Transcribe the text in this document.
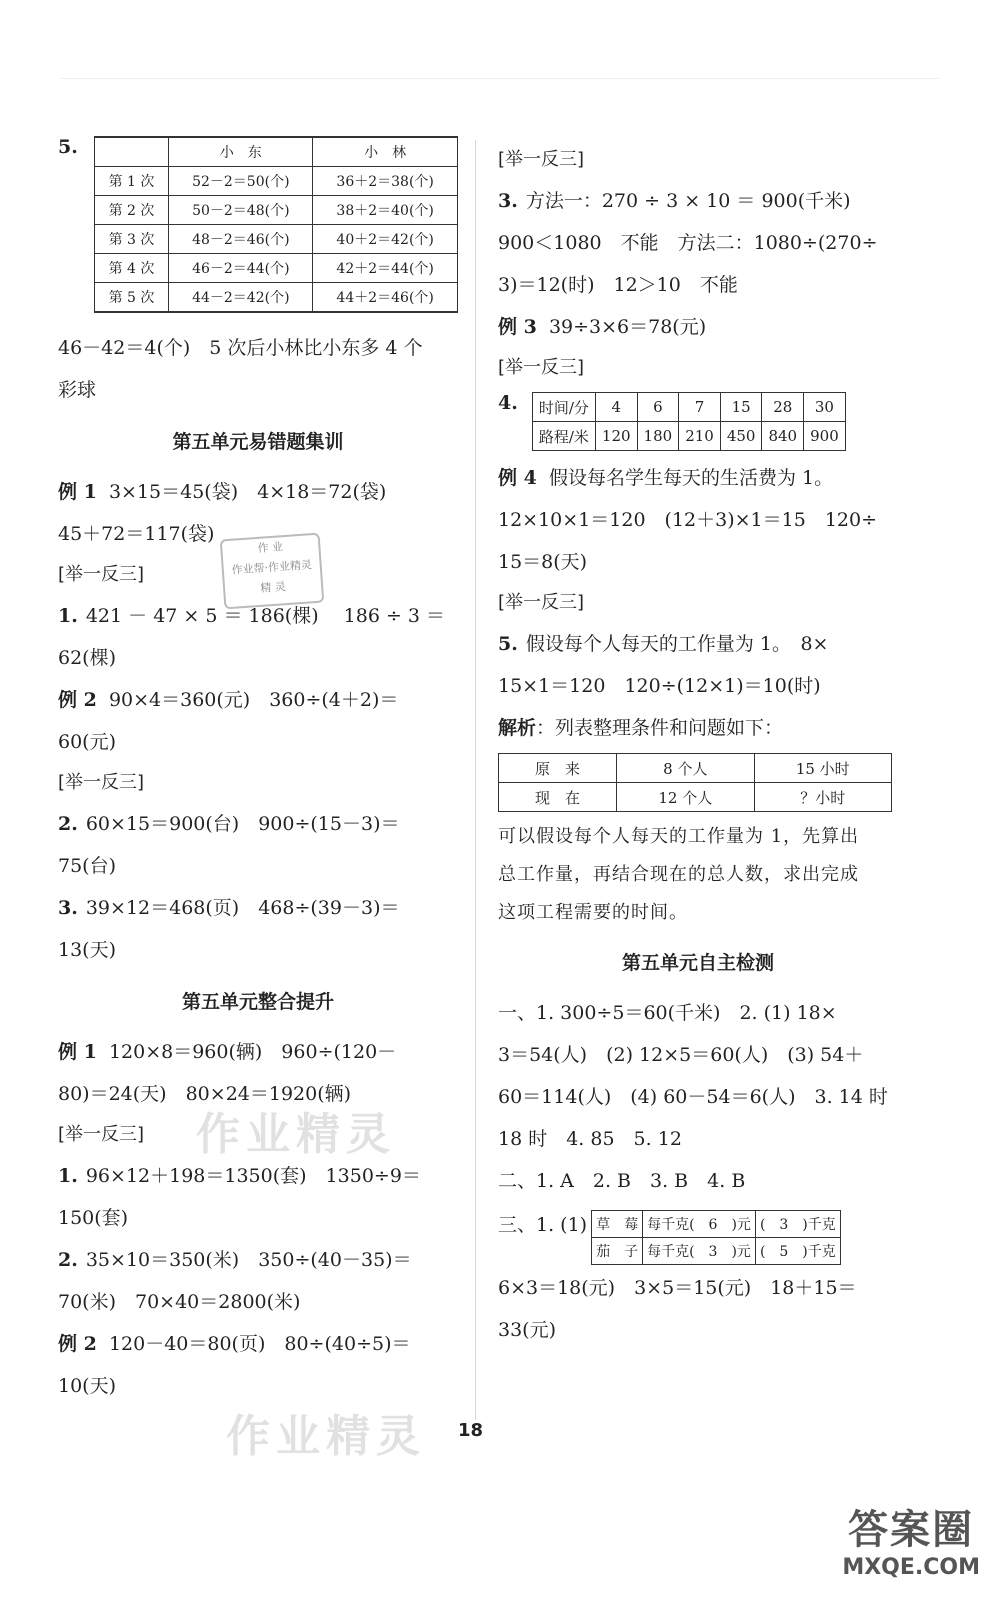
5.
		小　东	小　林
第 1 次	52－2＝50(个)	36＋2＝38(个)
第 2 次	50－2＝48(个)	38＋2＝40(个)
第 3 次	48－2＝46(个)	40＋2＝42(个)
第 4 次	46－2＝44(个)	42＋2＝44(个)
第 5 次	44－2＝42(个)	44＋2＝46(个)
46－42＝4(个)　5 次后小林比小东多 4 个
彩球
第五单元易错题集训
例 1 3×15＝45(袋)　4×18＝72(袋)
45＋72＝117(袋)
[举一反三]
1. 421 － 47 × 5 ＝ 186(棵)　 186 ÷ 3 ＝
62(棵)
例 2 90×4＝360(元)　360÷(4＋2)＝
60(元)
[举一反三]
2. 60×15＝900(台)　900÷(15－3)＝
75(台)
3. 39×12＝468(页)　468÷(39－3)＝
13(天)
第五单元整合提升
例 1 120×8＝960(辆)　960÷(120－
80)＝24(天)　80×24＝1920(辆)
[举一反三]
1. 96×12＋198＝1350(套)　1350÷9＝
150(套)
2. 35×10＝350(米)　350÷(40－35)＝
70(米)　70×40＝2800(米)
例 2 120－40＝80(页)　80÷(40÷5)＝
10(天)
[举一反三]
3. 方法一：270 ÷ 3 × 10 ＝ 900(千米)
900＜1080　不能　方法二：1080÷(270÷
3)＝12(时)　12＞10　不能
例 3 39÷3×6＝78(元)
[举一反三]
4. 时间/分	4	6	7	15	28	30
路程/米	120	180	210	450	840	900
例 4 假设每名学生每天的生活费为 1。
12×10×1＝120　(12＋3)×1＝15　120÷
15＝8(天)
[举一反三]
5. 假设每个人每天的工作量为 1。　8×
15×1＝120　120÷(12×1)＝10(时)
解析：列表整理条件和问题如下：
原　来	8 个人	15 小时
现　在	12 个人	？小时
可以假设每个人每天的工作量为 1，先算出
总工作量，再结合现在的总人数，求出完成
这项工程需要的时间。
第五单元自主检测
一、1. 300÷5＝60(千米)　2. (1) 18×
3＝54(人)　(2) 12×5＝60(人)　(3) 54＋
60＝114(人)　(4) 60－54＝6(人)　3. 14 时
18 时　4. 85　5. 12
二、1. A　2. B　3. B　4. B
三、1. (1) 草　莓	每千克(　6　)元	(　3　)千克
茄　子	每千克(　3　)元	(　5　)千克
6×3＝18(元)　3×5＝15(元)　18＋15＝
33(元)
作 业
作业帮·作业精灵
精 灵
作业精灵
作业精灵 18
答案圈
MXQE.COM
